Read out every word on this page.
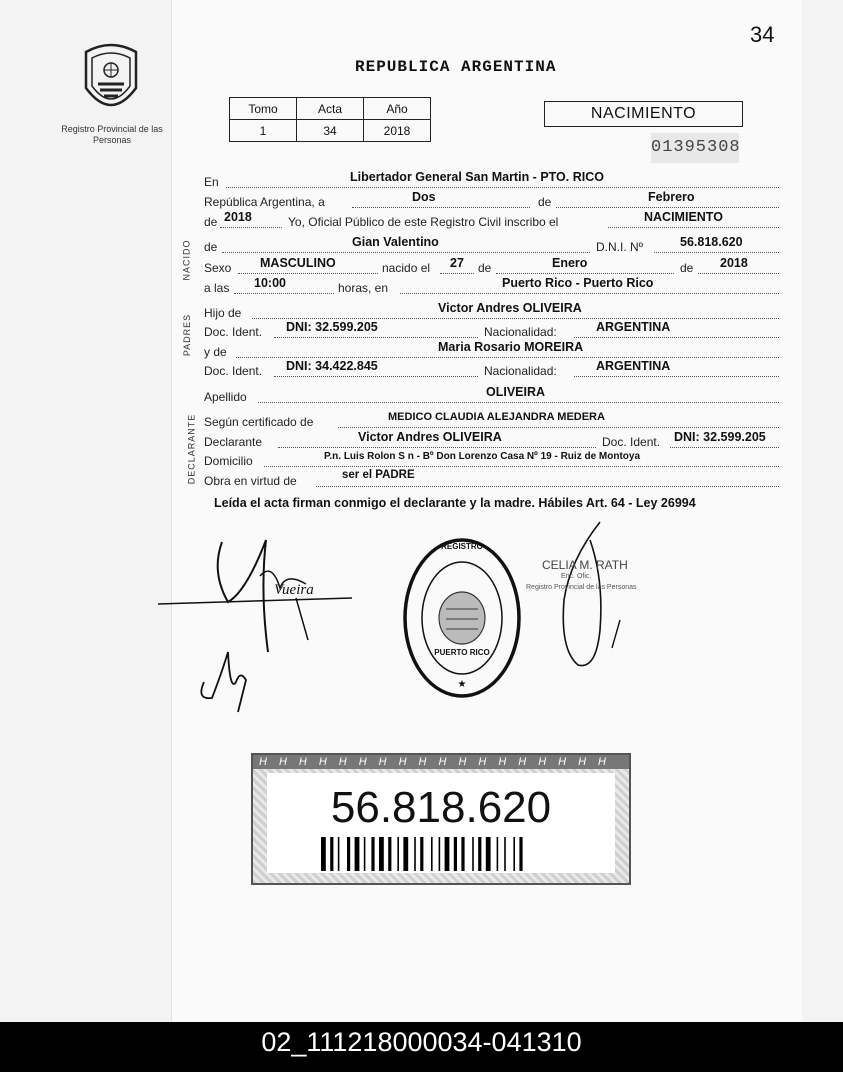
34
Registro Provincial de las Personas
REPUBLICA ARGENTINA
Tomo	Acta	Año
1	34	2018
NACIMIENTO
01395308
NACIDO
PADRES
DECLARANTE
En	Libertador General San Martin - PTO. RICO
República Argentina, a	Dos	de	Febrero
de 2018	Yo, Oficial Público de este Registro Civil inscribo el	NACIMIENTO
de	Gian Valentino	D.N.I. Nº	56.818.620
Sexo MASCULINO	nacido el 27 de	Enero	de 2018
a las 10:00	horas, en	Puerto Rico - Puerto Rico
Hijo de	Victor Andres OLIVEIRA
Doc. Ident. DNI: 32.599.205	Nacionalidad:	ARGENTINA
y de	Maria Rosario MOREIRA
Doc. Ident. DNI: 34.422.845	Nacionalidad:	ARGENTINA
Apellido	OLIVEIRA
Según certificado de	MEDICO CLAUDIA ALEJANDRA MEDERA
Declarante	Victor Andres OLIVEIRA	Doc. Ident. DNI: 32.599.205
Domicilio	P.n. Luis Rolon S n - Bº Don Lorenzo Casa Nº 19 - Ruiz de Montoya
Obra en virtud de	ser el PADRE
Leída el acta firman conmigo el declarante y la madre. Hábiles Art. 64 - Ley 26994
Vueira
REGISTRO
PUERTO RICO
★
CELIA M. RATH
Enc. Ofic.
Registro Provincial de las Personas
HHHHHHHHHHHHHHHHHH
56.818.620
02_111218000034-041310
